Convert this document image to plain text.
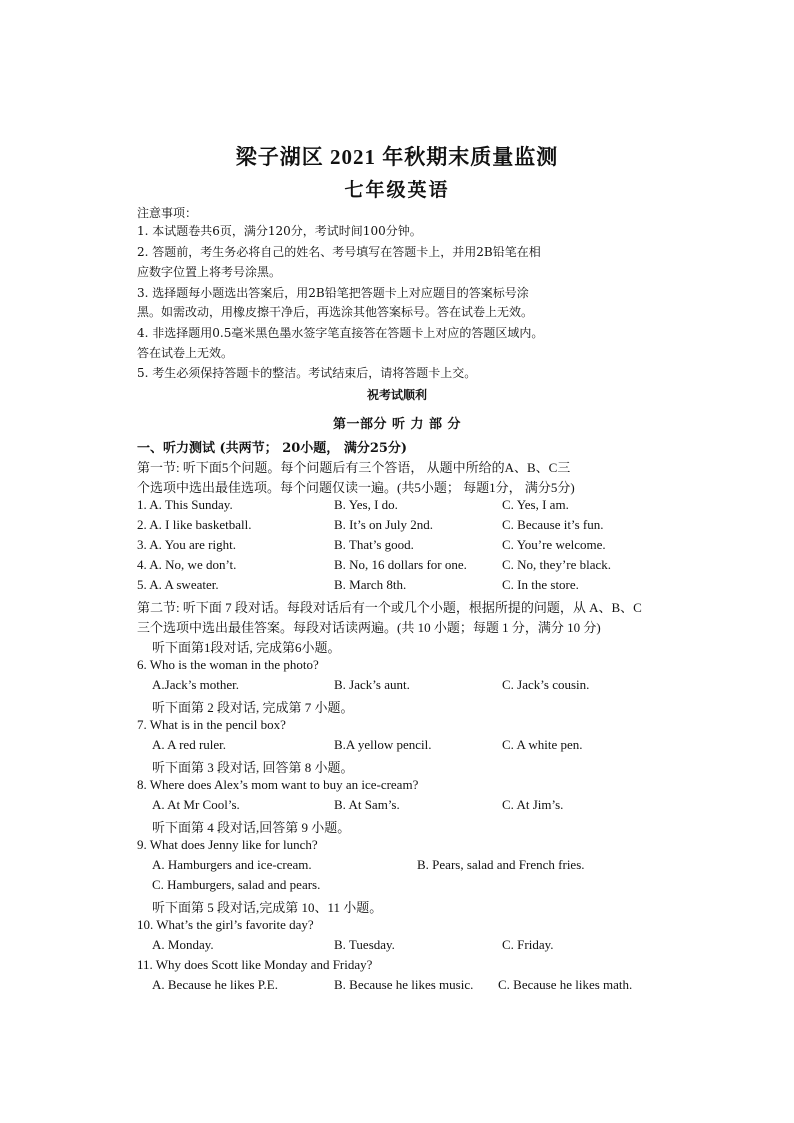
梁子湖区 2021 年秋期末质量监测
七年级英语
注意事项：
1. 本试题卷共6页，满分120分，考试时间100分钟。
2. 答题前，考生务必将自己的姓名、考号填写在答题卡上，并用2B铅笔在相
应数字位置上将考号涂黑。
3. 选择题每小题选出答案后，用2B铅笔把答题卡上对应题目的答案标号涂
黑。如需改动，用橡皮擦干净后，再选涂其他答案标号。答在试卷上无效。
4. 非选择题用0.5毫米黑色墨水签字笔直接答在答题卡上对应的答题区域内。
答在试卷上无效。
5. 考生必须保持答题卡的整洁。考试结束后，请将答题卡上交。
祝考试顺利
第一部分 听 力 部 分
一、听力测试 (共两节； 20小题， 满分25分)
第一节: 听下面5个问题。每个问题后有三个答语， 从题中所给的A、B、C三
个选项中选出最佳选项。每个问题仅读一遍。(共5小题； 每题1分， 满分5分)
1. A. This Sunday.	B. Yes, I do.	C. Yes, I am.
2. A. I like basketball.	B. It’s on July 2nd.	C. Because it’s fun.
3. A. You are right.	B. That’s good.	C. You’re welcome.
4. A. No, we don’t.	B. No, 16 dollars for one.	C. No, they’re black.
5. A. A sweater.	B. March 8th.	C. In the store.
第二节: 听下面 7 段对话。每段对话后有一个或几个小题，根据所提的问题，从 A、B、C
三个选项中选出最佳答案。每段对话读两遍。(共 10 小题；每题 1 分，满分 10 分)
听下面第1段对话, 完成第6小题。
6. Who is the woman in the photo?
A.Jack’s mother.	B. Jack’s aunt.	C. Jack’s cousin.
听下面第 2 段对话, 完成第 7 小题。
7. What is in the pencil box?
A. A red ruler.	B.A yellow pencil.	C. A white pen.
听下面第 3 段对话, 回答第 8 小题。
8. Where does Alex’s mom want to buy an ice-cream?
A. At Mr Cool’s.	B. At Sam’s.	C. At Jim’s.
听下面第 4 段对话,回答第 9 小题。
9. What does Jenny like for lunch?
A. Hamburgers and ice-cream.	B. Pears, salad and French fries.
C. Hamburgers, salad and pears.
听下面第 5 段对话,完成第 10、11 小题。
10. What’s the girl’s favorite day?
A. Monday.	B. Tuesday.	C. Friday.
11. Why does Scott like Monday and Friday?
A. Because he likes P.E.	B. Because he likes music. C. Because he likes math.
